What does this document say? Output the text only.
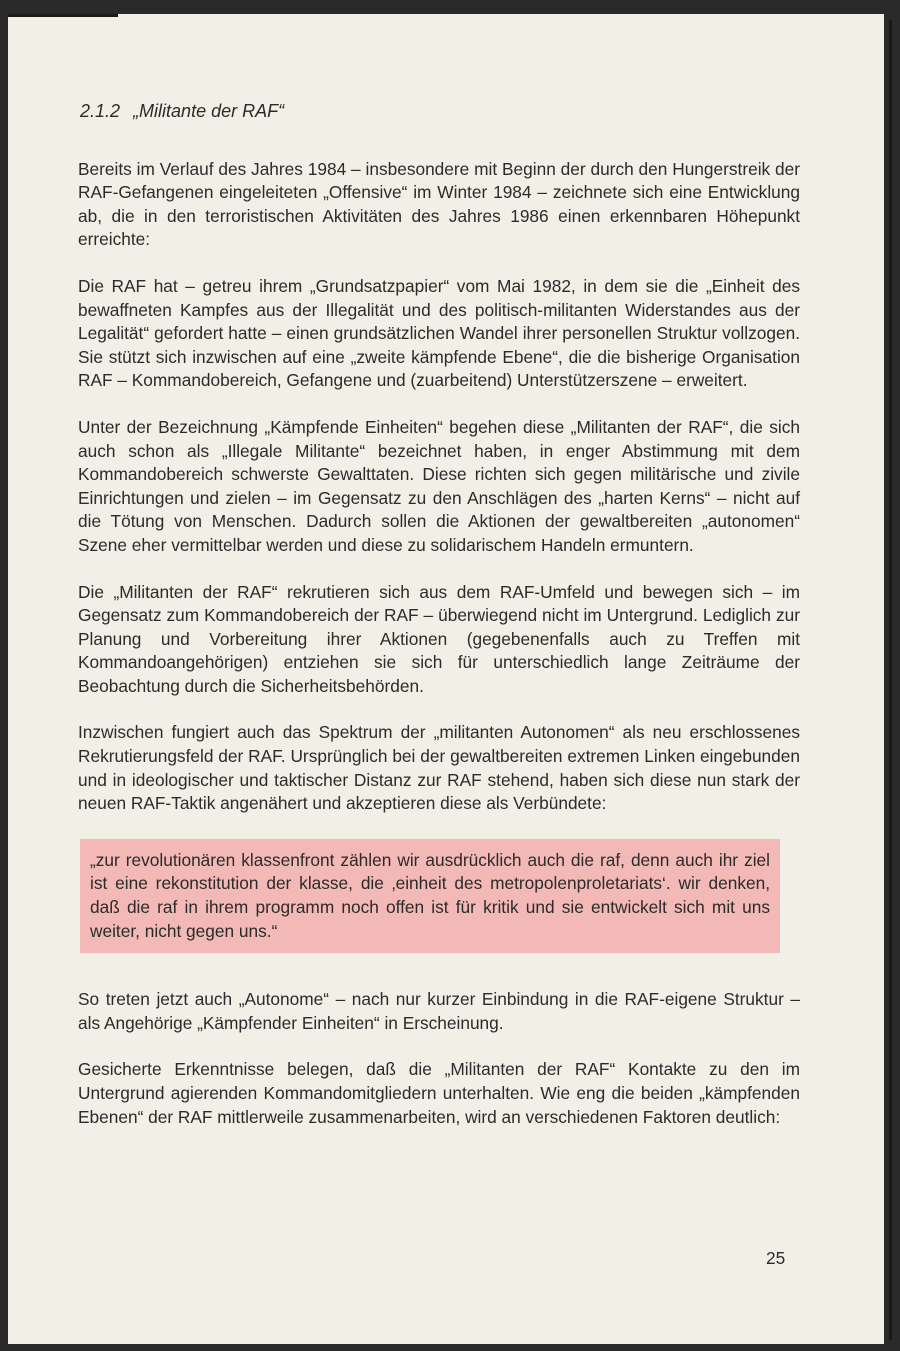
2.1.2 „Militante der RAF“

Bereits im Verlauf des Jahres 1984 – insbesondere mit Beginn der durch den Hungerstreik der RAF-Gefangenen eingeleiteten „Offensive“ im Winter 1984 – zeichnete sich eine Entwicklung ab, die in den terroristischen Aktivitäten des Jahres 1986 einen erkennbaren Höhepunkt erreichte:

Die RAF hat – getreu ihrem „Grundsatzpapier“ vom Mai 1982, in dem sie die „Einheit des bewaffneten Kampfes aus der Illegalität und des politisch-militanten Widerstandes aus der Legalität“ gefordert hatte – einen grundsätzlichen Wandel ihrer personellen Struktur vollzogen. Sie stützt sich inzwischen auf eine „zweite kämpfende Ebene“, die die bisherige Organisation RAF – Kommandobereich, Gefangene und (zuarbeitend) Unterstützerszene – erweitert.

Unter der Bezeichnung „Kämpfende Einheiten“ begehen diese „Militanten der RAF“, die sich auch schon als „Illegale Militante“ bezeichnet haben, in enger Abstimmung mit dem Kommandobereich schwerste Gewalttaten. Diese richten sich gegen militärische und zivile Einrichtungen und zielen – im Gegensatz zu den Anschlägen des „harten Kerns“ – nicht auf die Tötung von Menschen. Dadurch sollen die Aktionen der gewaltbereiten „autonomen“ Szene eher vermittelbar werden und diese zu solidarischem Handeln ermuntern.

Die „Militanten der RAF“ rekrutieren sich aus dem RAF-Umfeld und bewegen sich – im Gegensatz zum Kommandobereich der RAF – überwiegend nicht im Untergrund. Lediglich zur Planung und Vorbereitung ihrer Aktionen (gegebenenfalls auch zu Treffen mit Kommandoangehörigen) entziehen sie sich für unterschiedlich lange Zeiträume der Beobachtung durch die Sicherheitsbehörden.

Inzwischen fungiert auch das Spektrum der „militanten Autonomen“ als neu erschlossenes Rekrutierungsfeld der RAF. Ursprünglich bei der gewaltbereiten extremen Linken eingebunden und in ideologischer und taktischer Distanz zur RAF stehend, haben sich diese nun stark der neuen RAF-Taktik angenähert und akzeptieren diese als Verbündete:

„zur revolutionären klassenfront zählen wir ausdrücklich auch die raf, denn auch ihr ziel ist eine rekonstitution der klasse, die ‚einheit des metropolenproletariats‘. wir denken, daß die raf in ihrem programm noch offen ist für kritik und sie entwickelt sich mit uns weiter, nicht gegen uns.“

So treten jetzt auch „Autonome“ – nach nur kurzer Einbindung in die RAF-eigene Struktur – als Angehörige „Kämpfender Einheiten“ in Erscheinung.

Gesicherte Erkenntnisse belegen, daß die „Militanten der RAF“ Kontakte zu den im Untergrund agierenden Kommandomitgliedern unterhalten. Wie eng die beiden „kämpfenden Ebenen“ der RAF mittlerweile zusammenarbeiten, wird an verschiedenen Faktoren deutlich:

25
